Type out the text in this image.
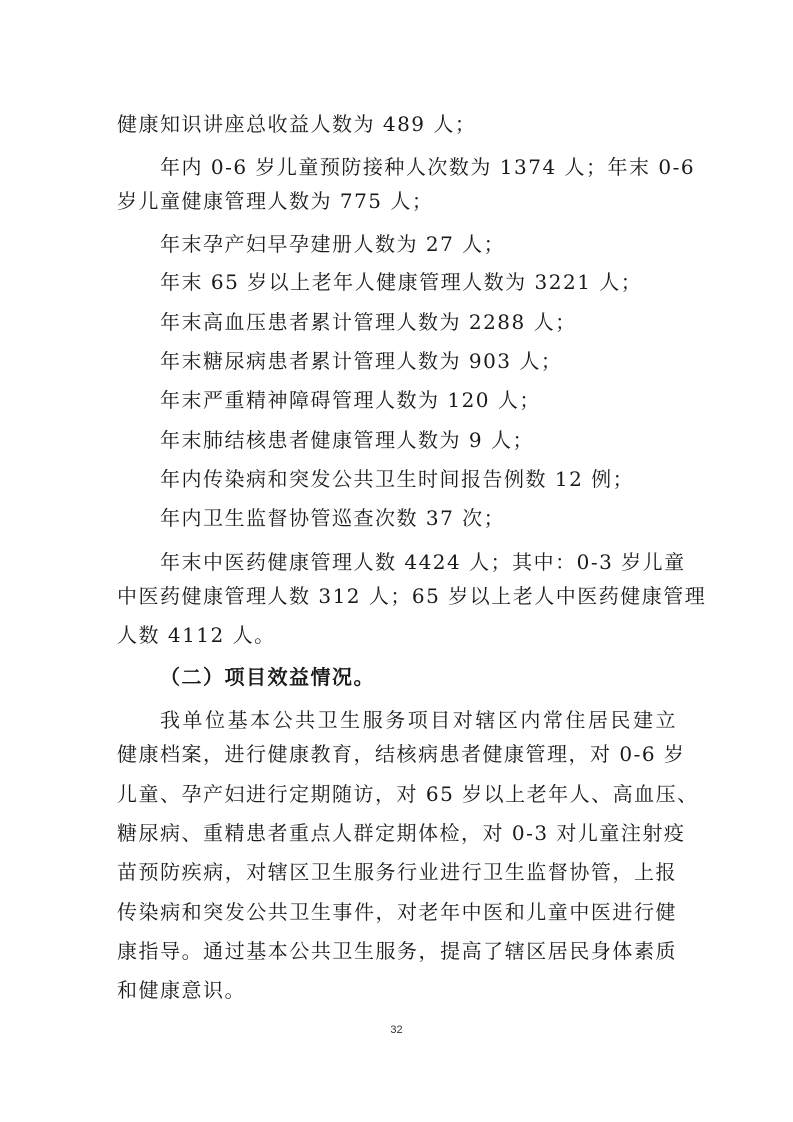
健康知识讲座总收益人数为 489 人；
年内 0-6 岁儿童预防接种人次数为 1374 人；年末 0-6
岁儿童健康管理人数为 775 人；
年末孕产妇早孕建册人数为 27 人；
年末 65 岁以上老年人健康管理人数为 3221 人；
年末高血压患者累计管理人数为 2288 人；
年末糖尿病患者累计管理人数为 903 人；
年末严重精神障碍管理人数为 120 人；
年末肺结核患者健康管理人数为 9 人；
年内传染病和突发公共卫生时间报告例数 12 例；
年内卫生监督协管巡查次数 37 次；
年末中医药健康管理人数 4424 人；其中：0-3 岁儿童
中医药健康管理人数 312 人；65 岁以上老人中医药健康管理
人数 4112 人。
（二）项目效益情况。
我单位基本公共卫生服务项目对辖区内常住居民建立
健康档案，进行健康教育，结核病患者健康管理，对 0-6 岁
儿童、孕产妇进行定期随访，对 65 岁以上老年人、高血压、
糖尿病、重精患者重点人群定期体检，对 0-3 对儿童注射疫
苗预防疾病，对辖区卫生服务行业进行卫生监督协管，上报
传染病和突发公共卫生事件，对老年中医和儿童中医进行健
康指导。通过基本公共卫生服务，提高了辖区居民身体素质
和健康意识。
32
